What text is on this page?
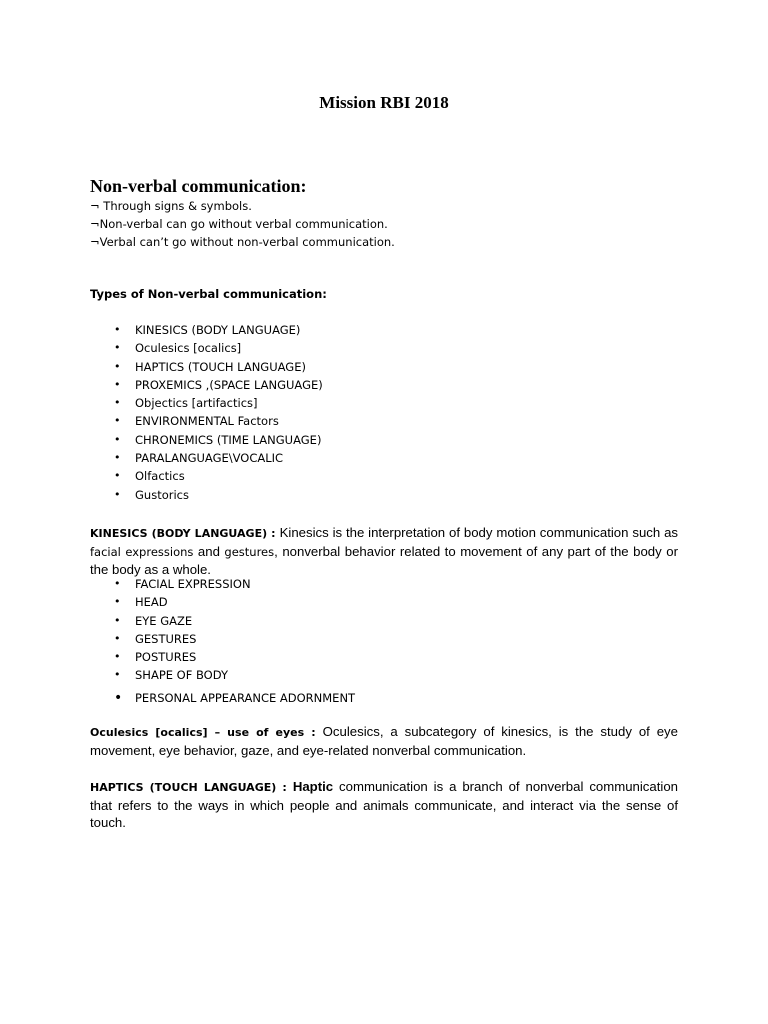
Mission RBI 2018
Non-verbal communication:
¬ Through signs & symbols.
¬Non-verbal can go without verbal communication.
¬Verbal can’t go without non-verbal communication.
Types of Non-verbal communication:
• KINESICS (BODY LANGUAGE)
• Oculesics [ocalics]
• HAPTICS (TOUCH LANGUAGE)
• PROXEMICS ,(SPACE LANGUAGE)
• Objectics [artifactics]
• ENVIRONMENTAL Factors
• CHRONEMICS (TIME LANGUAGE)
• PARALANGUAGE\VOCALIC
• Olfactics
• Gustorics
KINESICS (BODY LANGUAGE) : Kinesics is the interpretation of body motion communication such as facial expressions and gestures, nonverbal behavior related to movement of any part of the body or the body as a whole.
• FACIAL EXPRESSION
• HEAD
• EYE GAZE
• GESTURES
• POSTURES
• SHAPE OF BODY
• PERSONAL APPEARANCE ADORNMENT
Oculesics [ocalics] – use of eyes : Oculesics, a subcategory of kinesics, is the study of eye movement, eye behavior, gaze, and eye-related nonverbal communication.
HAPTICS (TOUCH LANGUAGE) : Haptic communication is a branch of nonverbal communication that refers to the ways in which people and animals communicate, and interact via the sense of touch.
